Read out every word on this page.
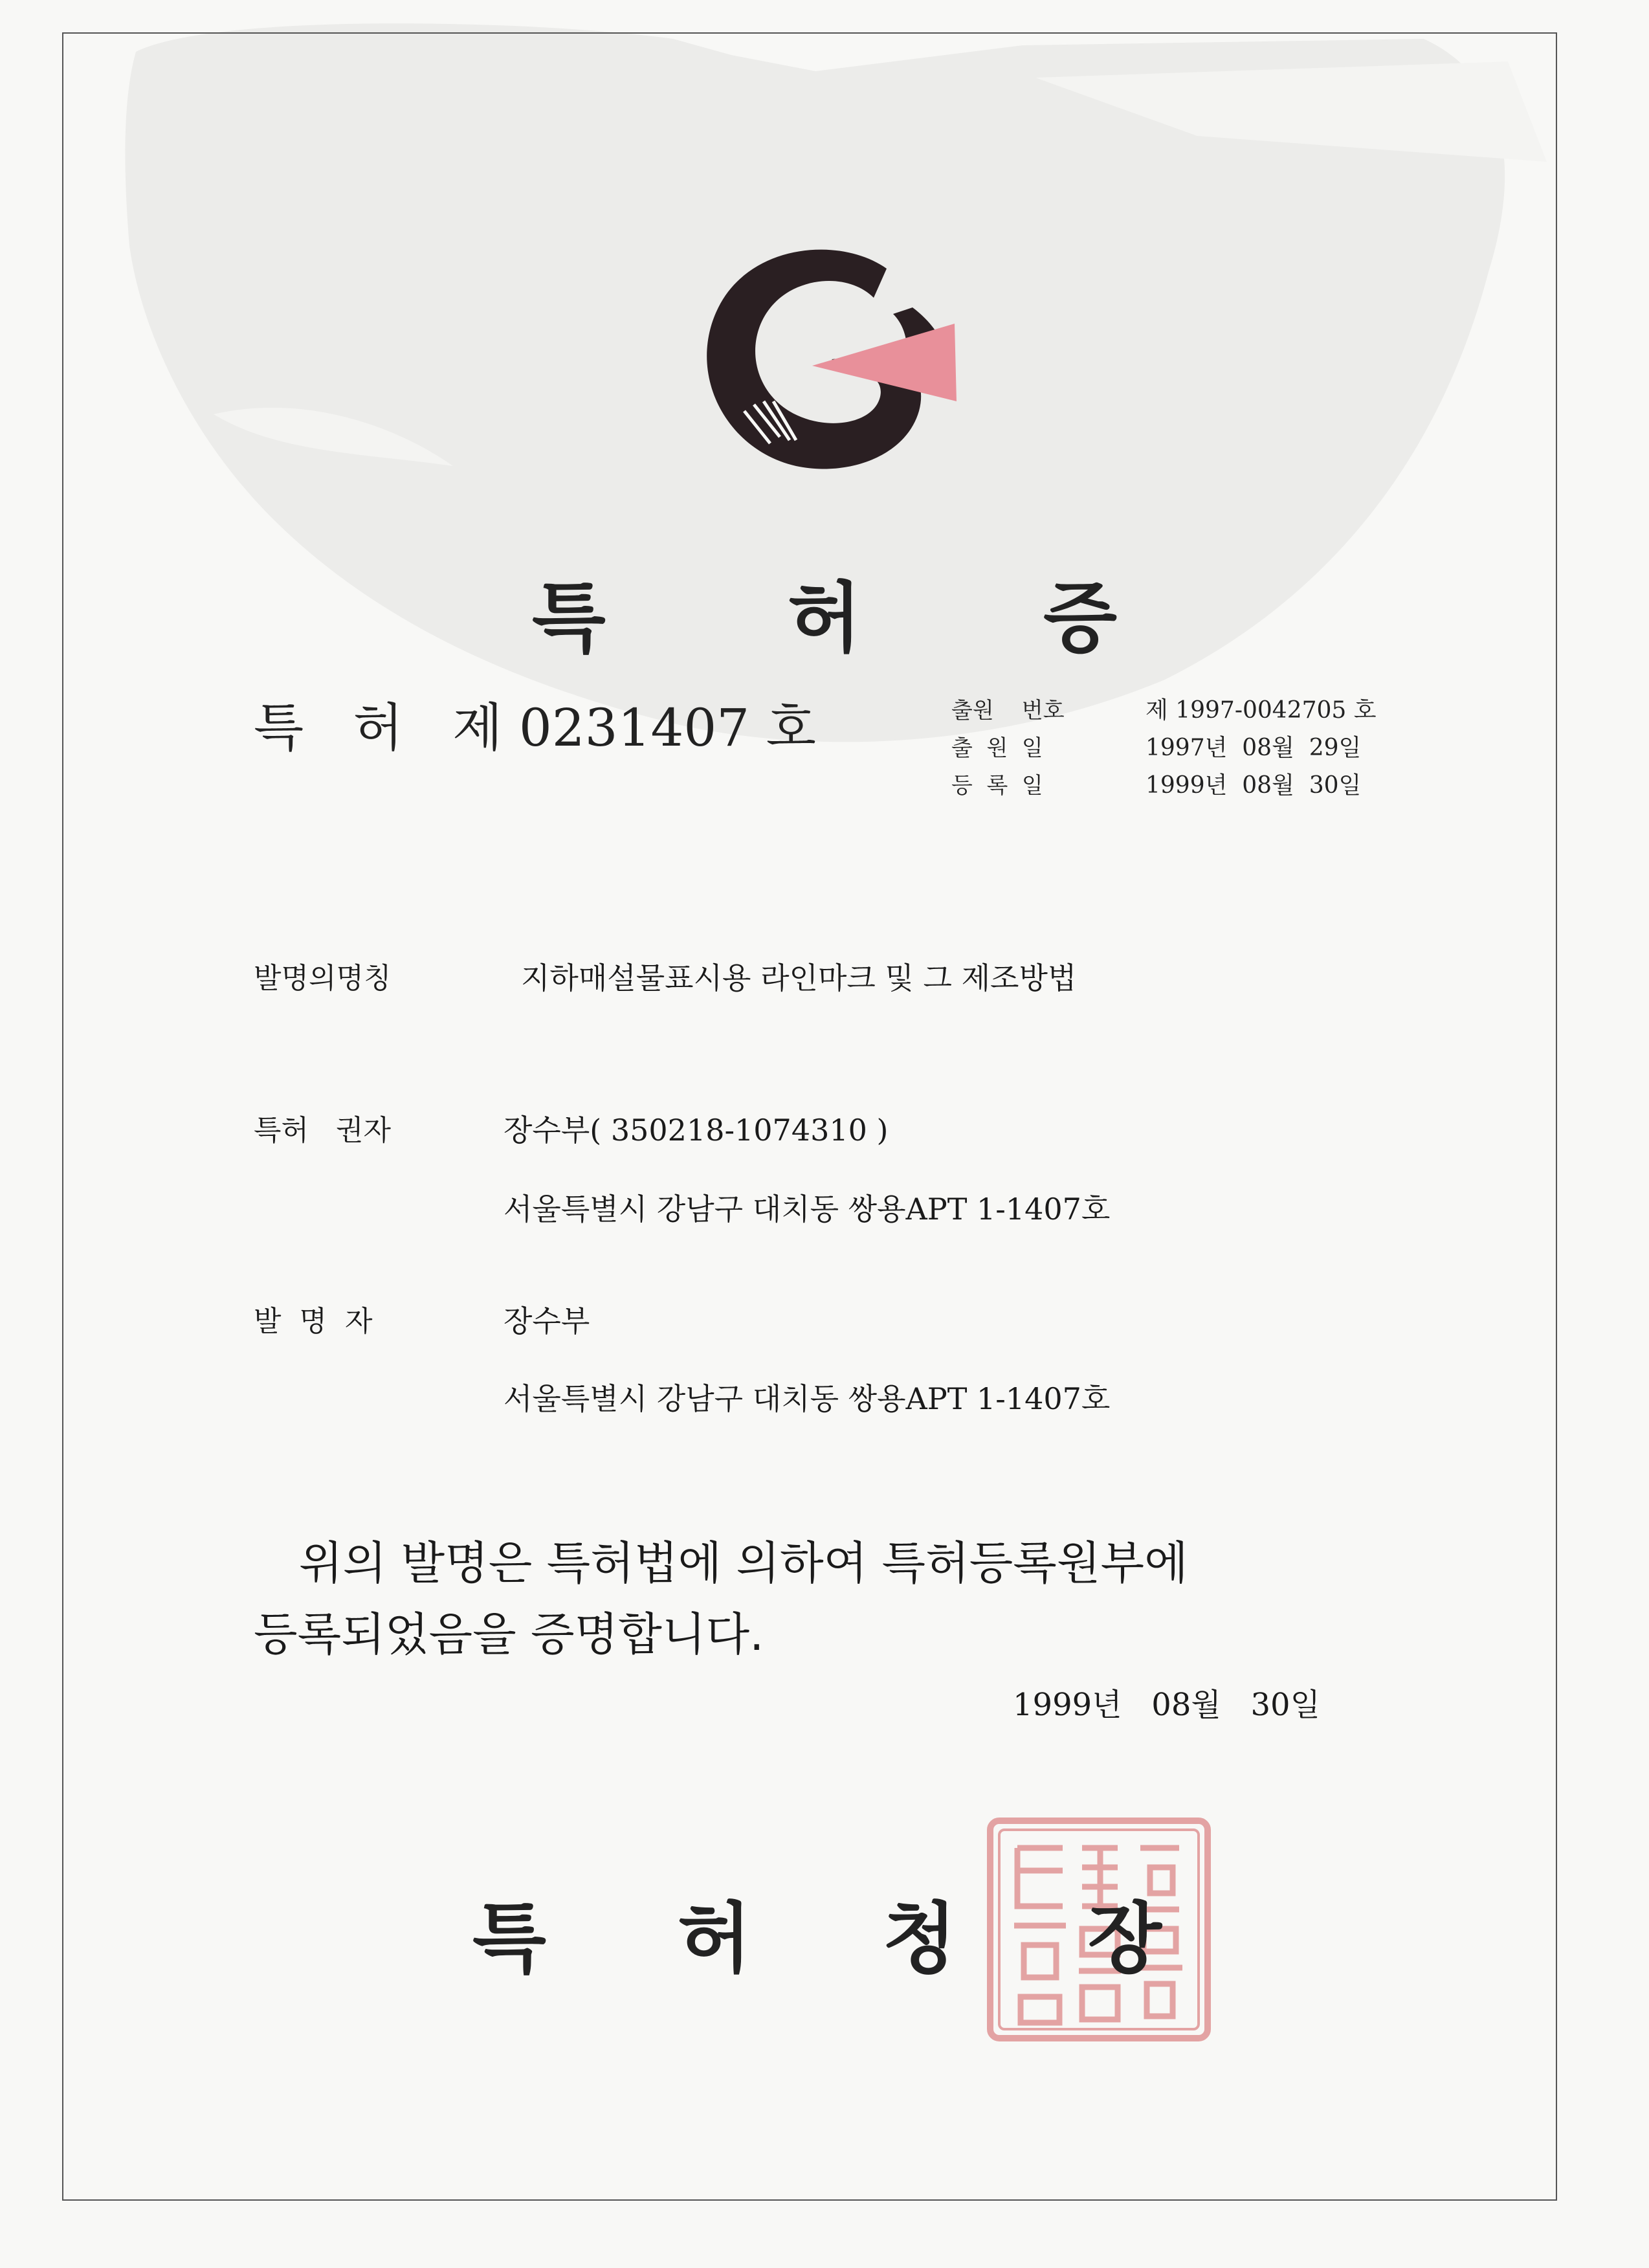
특 허 증
특   허   제 0231407 호	출원    번호	제 1997-0042705 호
출  원  일	1997년  08월  29일
등  록  일	1999년  08월  30일
발명의명칭	지하매설물표시용 라인마크 및 그 제조방법
특허   권자	장수부( 350218-1074310 )
서울특별시 강남구 대치동 쌍용APT 1-1407호
발  명  자	장수부
서울특별시 강남구 대치동 쌍용APT 1-1407호
위의 발명은 특허법에 의하여 특허등록원부에
등록되었음을 증명합니다.
1999년   08월   30일
특 허 청 장
